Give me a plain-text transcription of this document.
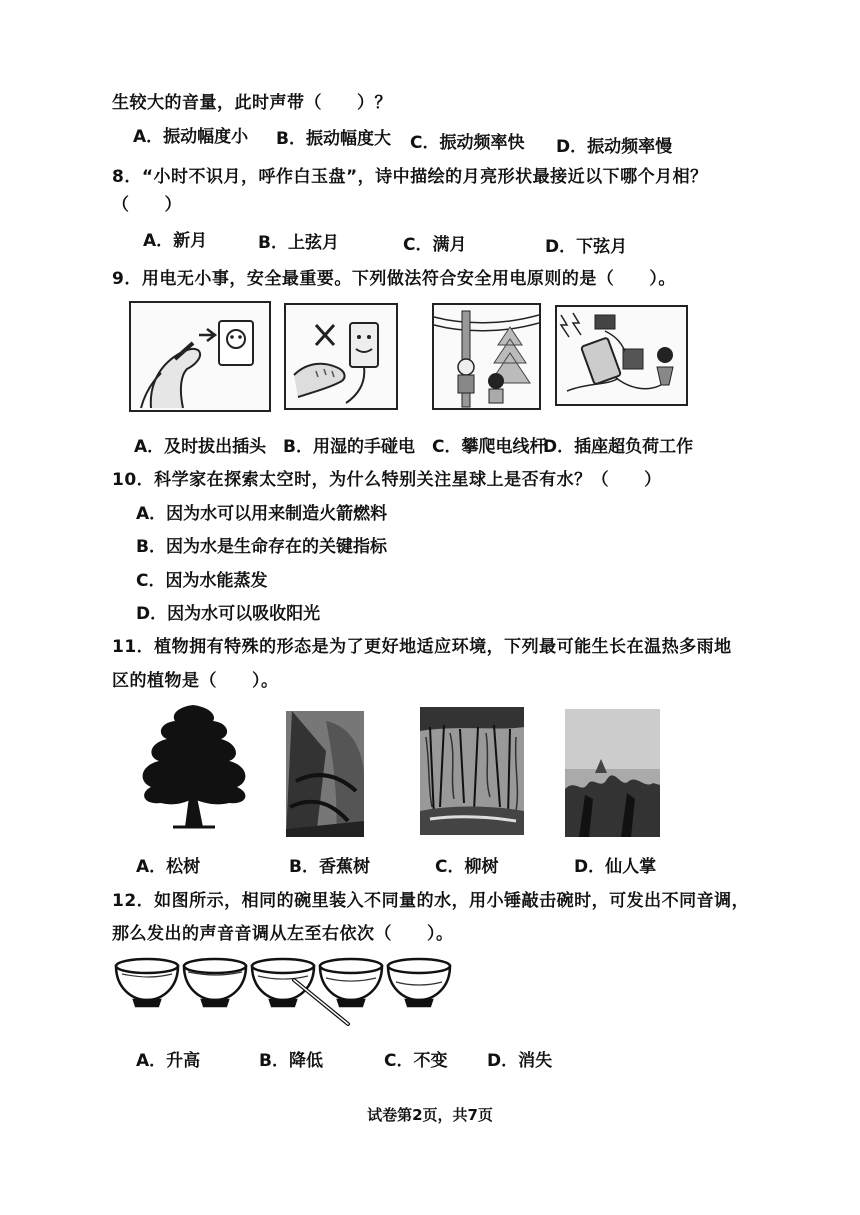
生较大的音量，此时声带（　　）？
A．振动幅度小 B．振动幅度大 C．振动频率快 D．振动频率慢
8．“小时不识月，呼作白玉盘”，诗中描绘的月亮形状最接近以下哪个月相？
（　　）
A．新月	B．上弦月	C．满月	D．下弦月
9．用电无小事，安全最重要。下列做法符合安全用电原则的是（　　）。
A．及时拔出插头 B．用湿的手碰电 C．攀爬电线杆
D．插座超负荷工作
10．科学家在探索太空时，为什么特别关注星球上是否有水？（　　）
A．因为水可以用来制造火箭燃料
B．因为水是生命存在的关键指标
C．因为水能蒸发
D．因为水可以吸收阳光
11．植物拥有特殊的形态是为了更好地适应环境，下列最可能生长在温热多雨地
区的植物是（　　）。
A．松树	B．香蕉树	C．柳树	D．仙人掌
12．如图所示，相同的碗里装入不同量的水，用小锤敲击碗时，可发出不同音调，
那么发出的声音音调从左至右依次（　　）。
A．升高	B．降低	C．不变 D．消失
试卷第2页，共7页
